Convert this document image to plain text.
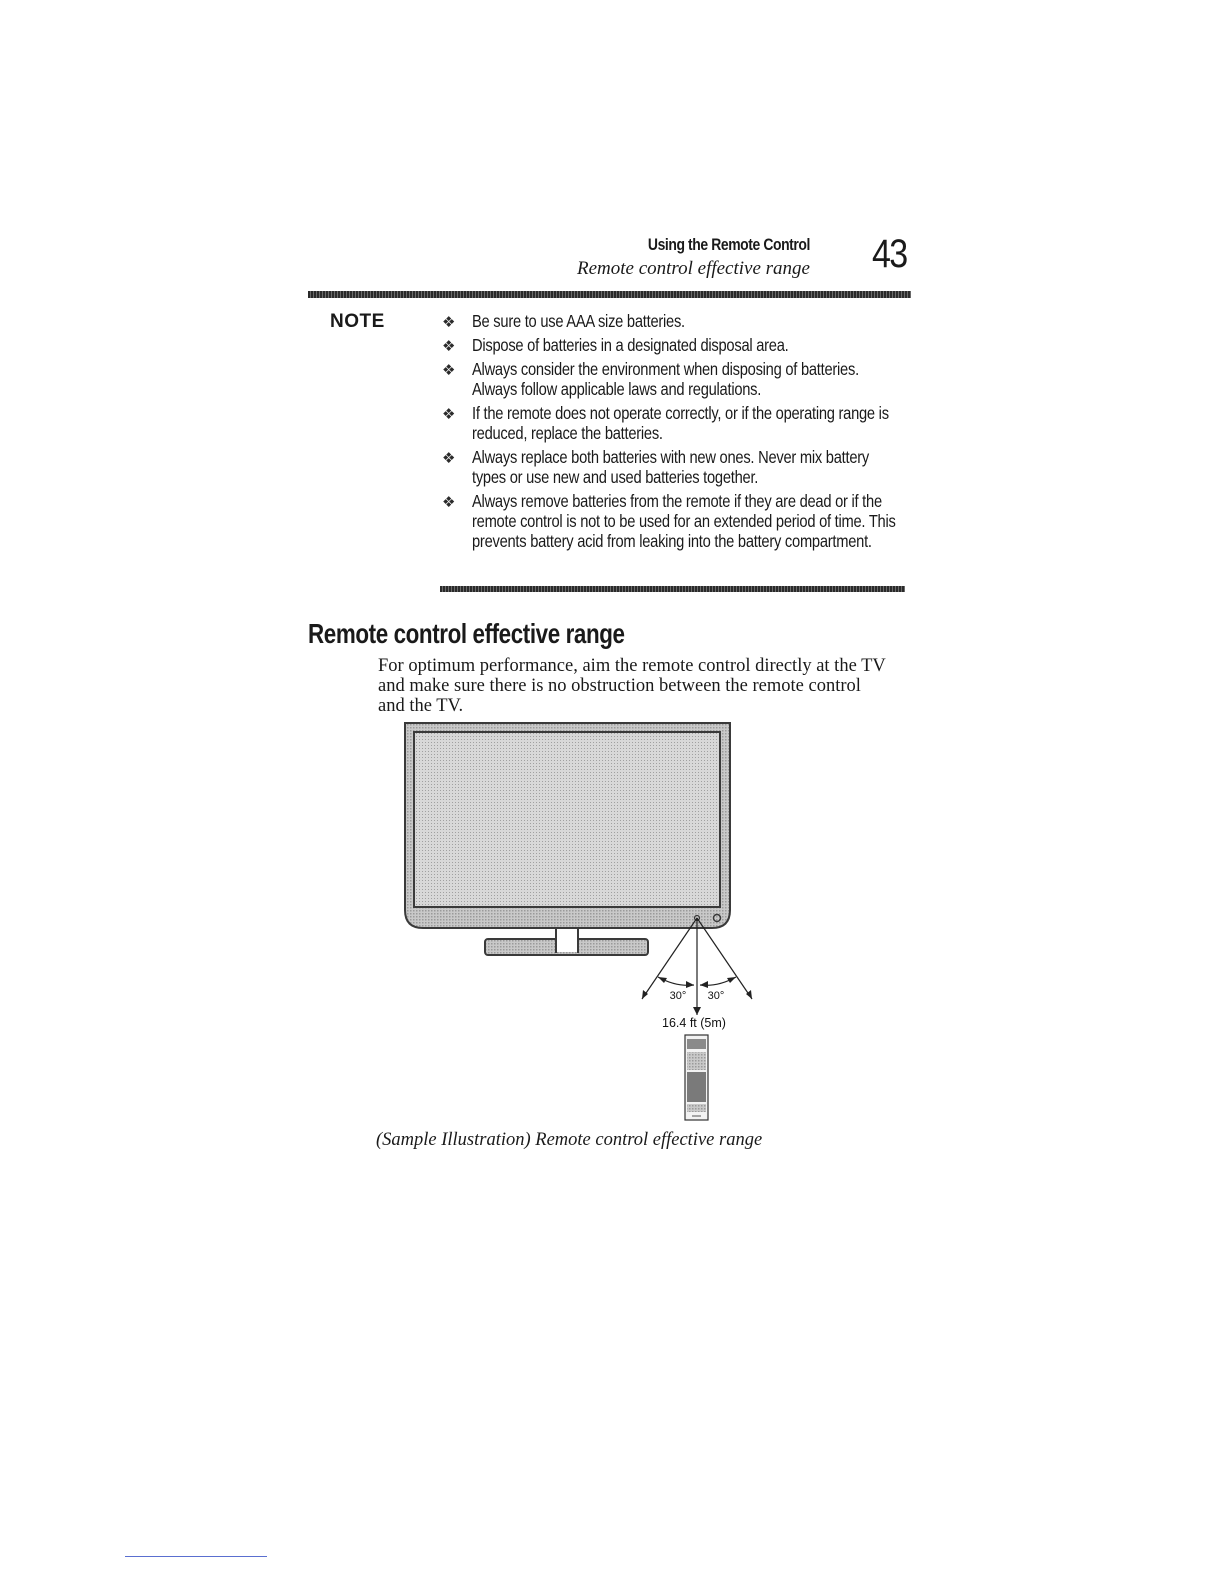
Using the Remote Control
Remote control effective range 43
NOTE	❖ Be sure to use AAA size batteries.
❖ Dispose of batteries in a designated disposal area.
❖ Always consider the environment when disposing of batteries. Always follow applicable laws and regulations.
❖ If the remote does not operate correctly, or if the operating range is reduced, replace the batteries.
❖ Always replace both batteries with new ones. Never mix battery types or use new and used batteries together.
❖ Always remove batteries from the remote if they are dead or if the remote control is not to be used for an extended period of time. This prevents battery acid from leaking into the battery compartment.
Remote control effective range

For optimum performance, aim the remote control directly at the TV and make sure there is no obstruction between the remote control and the TV.

30° 30°
16.4 ft (5m)
(Sample Illustration) Remote control effective range
